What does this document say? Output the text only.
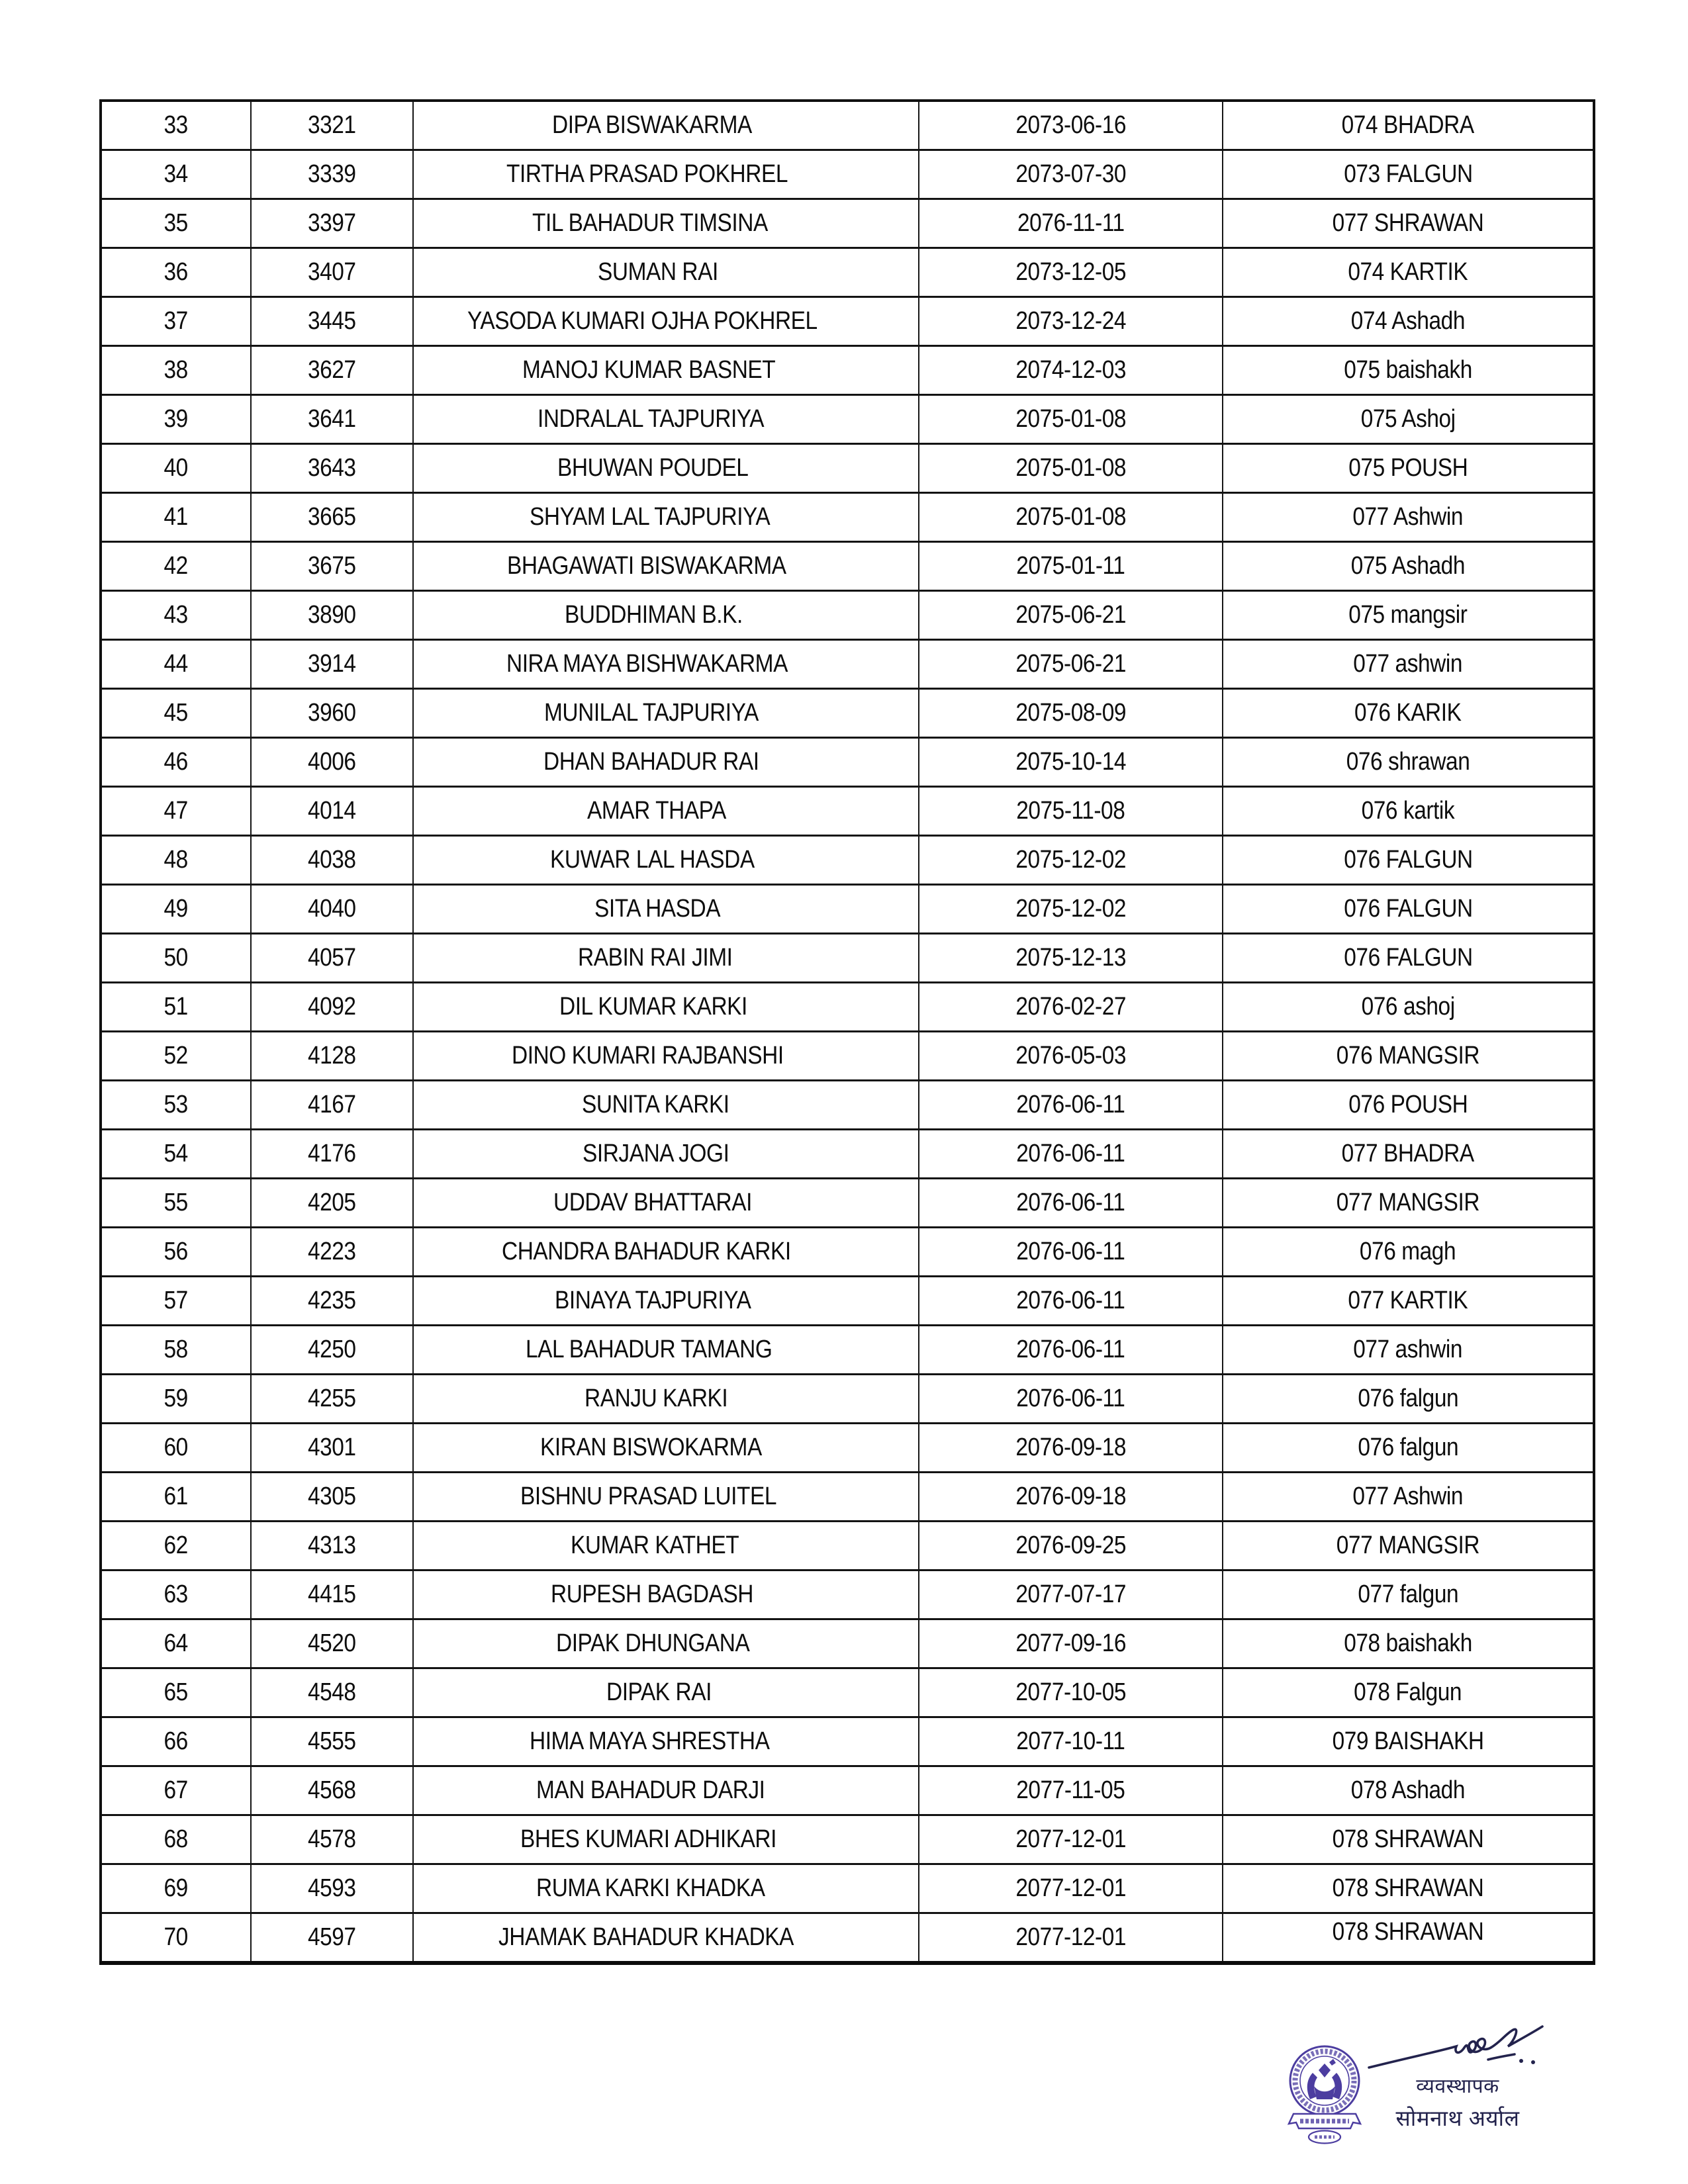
33	3321	DIPA BISWAKARMA	2073-06-16	074 BHADRA
34	3339	TIRTHA PRASAD POKHREL	2073-07-30	073 FALGUN
35	3397	TIL BAHADUR TIMSINA	2076-11-11	077 SHRAWAN
36	3407	SUMAN RAI	2073-12-05	074 KARTIK
37	3445	YASODA KUMARI OJHA POKHREL	2073-12-24	074 Ashadh
38	3627	MANOJ KUMAR BASNET	2074-12-03	075 baishakh
39	3641	INDRALAL TAJPURIYA	2075-01-08	075 Ashoj
40	3643	BHUWAN POUDEL	2075-01-08	075 POUSH
41	3665	SHYAM LAL TAJPURIYA	2075-01-08	077 Ashwin
42	3675	BHAGAWATI BISWAKARMA	2075-01-11	075 Ashadh
43	3890	BUDDHIMAN B.K.	2075-06-21	075 mangsir
44	3914	NIRA MAYA BISHWAKARMA	2075-06-21	077 ashwin
45	3960	MUNILAL TAJPURIYA	2075-08-09	076 KARIK
46	4006	DHAN BAHADUR RAI	2075-10-14	076 shrawan
47	4014	AMAR THAPA	2075-11-08	076 kartik
48	4038	KUWAR LAL HASDA	2075-12-02	076 FALGUN
49	4040	SITA HASDA	2075-12-02	076 FALGUN
50	4057	RABIN RAI JIMI	2075-12-13	076 FALGUN
51	4092	DIL KUMAR KARKI	2076-02-27	076 ashoj
52	4128	DINO KUMARI RAJBANSHI	2076-05-03	076 MANGSIR
53	4167	SUNITA KARKI	2076-06-11	076 POUSH
54	4176	SIRJANA JOGI	2076-06-11	077 BHADRA
55	4205	UDDAV BHATTARAI	2076-06-11	077 MANGSIR
56	4223	CHANDRA BAHADUR KARKI	2076-06-11	076 magh
57	4235	BINAYA TAJPURIYA	2076-06-11	077 KARTIK
58	4250	LAL BAHADUR TAMANG	2076-06-11	077 ashwin
59	4255	RANJU KARKI	2076-06-11	076 falgun
60	4301	KIRAN BISWOKARMA	2076-09-18	076 falgun
61	4305	BISHNU PRASAD LUITEL	2076-09-18	077 Ashwin
62	4313	KUMAR KATHET	2076-09-25	077 MANGSIR
63	4415	RUPESH BAGDASH	2077-07-17	077 falgun
64	4520	DIPAK DHUNGANA	2077-09-16	078 baishakh
65	4548	DIPAK RAI	2077-10-05	078 Falgun
66	4555	HIMA MAYA SHRESTHA	2077-10-11	079 BAISHAKH
67	4568	MAN BAHADUR DARJI	2077-11-05	078 Ashadh
68	4578	BHES KUMARI ADHIKARI	2077-12-01	078 SHRAWAN
69	4593	RUMA KARKI KHADKA	2077-12-01	078 SHRAWAN
70	4597	JHAMAK BAHADUR KHADKA	2077-12-01	078 SHRAWAN
व्यवस्थापक
सोमनाथ अर्याल
